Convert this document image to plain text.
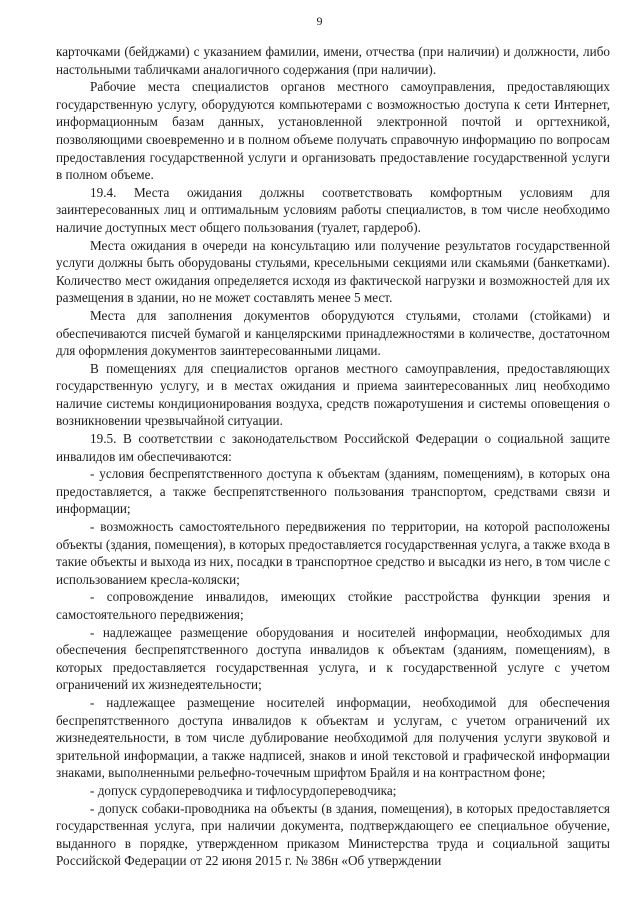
9

карточками (бейджами) с указанием фамилии, имени, отчества (при наличии) и должности, либо настольными табличками аналогичного содержания (при наличии).

Рабочие места специалистов органов местного самоуправления, предоставляющих государственную услугу, оборудуются компьютерами с возможностью доступа к сети Интернет, информационным базам данных, установленной электронной почтой и оргтехникой, позволяющими своевременно и в полном объеме получать справочную информацию по вопросам предоставления государственной услуги и организовать предоставление государственной услуги в полном объеме.

19.4. Места ожидания должны соответствовать комфортным условиям для заинтересованных лиц и оптимальным условиям работы специалистов, в том числе необходимо наличие доступных мест общего пользования (туалет, гардероб).

Места ожидания в очереди на консультацию или получение результатов государственной услуги должны быть оборудованы стульями, кресельными секциями или скамьями (банкетками). Количество мест ожидания определяется исходя из фактической нагрузки и возможностей для их размещения в здании, но не может составлять менее 5 мест.

Места для заполнения документов оборудуются стульями, столами (стойками) и обеспечиваются писчей бумагой и канцелярскими принадлежностями в количестве, достаточном для оформления документов заинтересованными лицами.

В помещениях для специалистов органов местного самоуправления, предоставляющих государственную услугу, и в местах ожидания и приема заинтересованных лиц необходимо наличие системы кондиционирования воздуха, средств пожаротушения и системы оповещения о возникновении чрезвычайной ситуации.

19.5. В соответствии с законодательством Российской Федерации о социальной защите инвалидов им обеспечиваются:

- условия беспрепятственного доступа к объектам (зданиям, помещениям), в которых она предоставляется, а также беспрепятственного пользования транспортом, средствами связи и информации;

- возможность самостоятельного передвижения по территории, на которой расположены объекты (здания, помещения), в которых предоставляется государственная услуга, а также входа в такие объекты и выхода из них, посадки в транспортное средство и высадки из него, в том числе с использованием кресла-коляски;

- сопровождение инвалидов, имеющих стойкие расстройства функции зрения и самостоятельного передвижения;

- надлежащее размещение оборудования и носителей информации, необходимых для обеспечения беспрепятственного доступа инвалидов к объектам (зданиям, помещениям), в которых предоставляется государственная услуга, и к государственной услуге с учетом ограничений их жизнедеятельности;

- надлежащее размещение носителей информации, необходимой для обеспечения беспрепятственного доступа инвалидов к объектам и услугам, с учетом ограничений их жизнедеятельности, в том числе дублирование необходимой для получения услуги звуковой и зрительной информации, а также надписей, знаков и иной текстовой и графической информации знаками, выполненными рельефно-точечным шрифтом Брайля и на контрастном фоне;

- допуск сурдопереводчика и тифлосурдопереводчика;

- допуск собаки-проводника на объекты (в здания, помещения), в которых предоставляется государственная услуга, при наличии документа, подтверждающего ее специальное обучение, выданного в порядке, утвержденном приказом Министерства труда и социальной защиты Российской Федерации от 22 июня 2015 г. № 386н «Об утверждении
